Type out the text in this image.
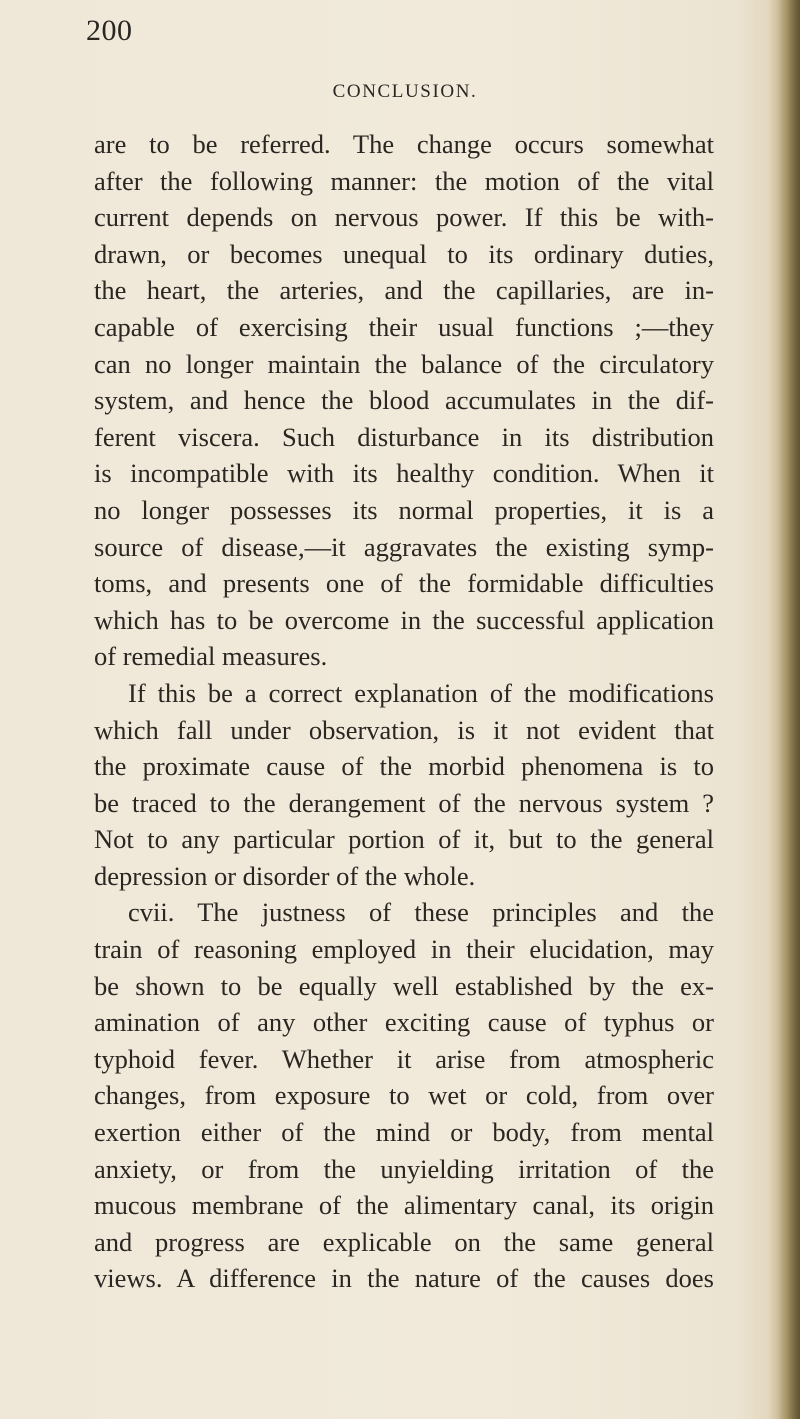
200
CONCLUSION.
are to be referred. The change occurs somewhat
after the following manner: the motion of the vital
current depends on nervous power. If this be with-
drawn, or becomes unequal to its ordinary duties,
the heart, the arteries, and the capillaries, are in-
capable of exercising their usual functions ;—they
can no longer maintain the balance of the circulatory
system, and hence the blood accumulates in the dif-
ferent viscera. Such disturbance in its distribution
is incompatible with its healthy condition. When it
no longer possesses its normal properties, it is a
source of disease,—it aggravates the existing symp-
toms, and presents one of the formidable difficulties
which has to be overcome in the successful application
of remedial measures.
If this be a correct explanation of the modifications
which fall under observation, is it not evident that
the proximate cause of the morbid phenomena is to
be traced to the derangement of the nervous system ?
Not to any particular portion of it, but to the general
depression or disorder of the whole.
cvii. The justness of these principles and the
train of reasoning employed in their elucidation, may
be shown to be equally well established by the ex-
amination of any other exciting cause of typhus or
typhoid fever. Whether it arise from atmospheric
changes, from exposure to wet or cold, from over
exertion either of the mind or body, from mental
anxiety, or from the unyielding irritation of the
mucous membrane of the alimentary canal, its origin
and progress are explicable on the same general
views. A difference in the nature of the causes does
